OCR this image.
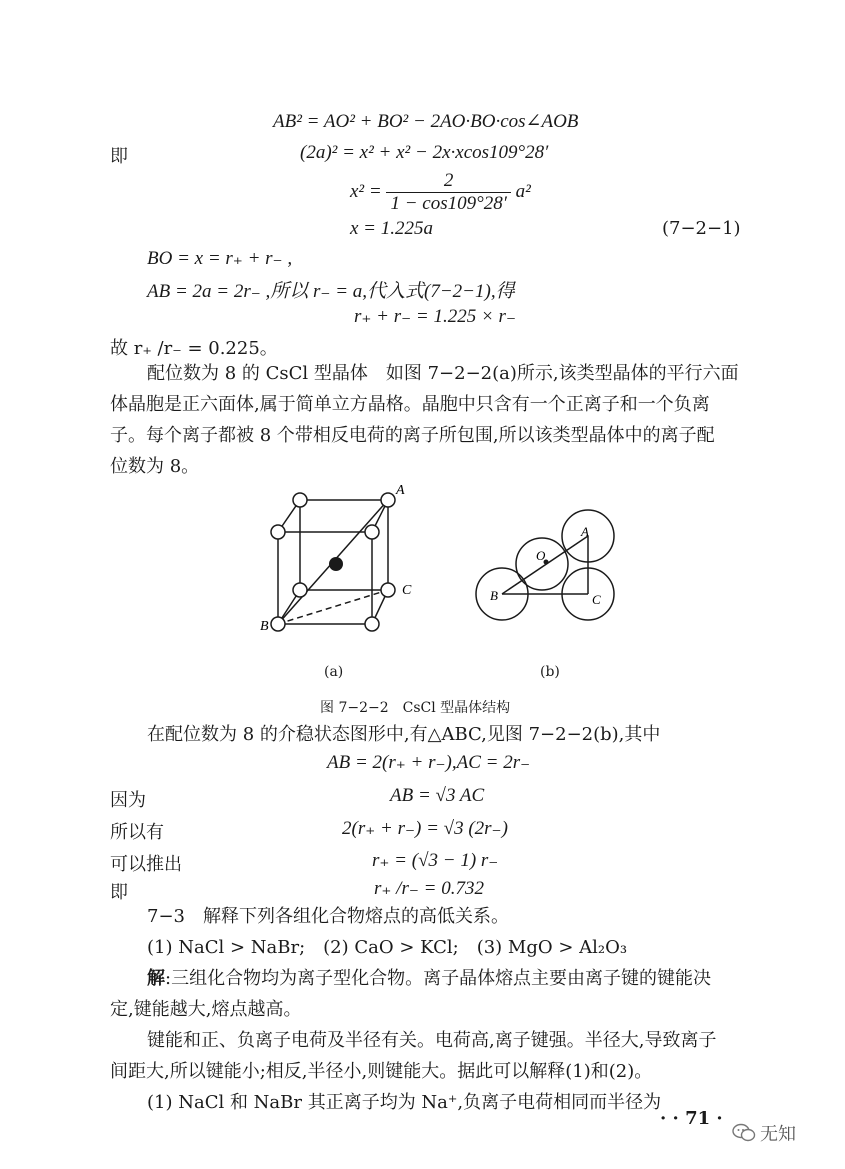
AB² = AO² + BO² − 2AO·BO·cos∠AOB
即	(2a)² = x² + x² − 2x·xcos109°28′
$x^2 = \frac{2}{1 - \cos 109^\circ 28'} a^2$
x = 1.225a	(7−2−1)
BO = x = r₊ + r₋ ,
AB = 2a = 2r₋ ,所以 r₋ = a,代入式(7−2−1),得
r₊ + r₋ = 1.225 × r₋
故 r₊ /r₋ = 0.225。
配位数为 8 的 CsCl 型晶体　如图 7−2−2(a)所示,该类型晶体的平行六面
体晶胞是正六面体,属于简单立方晶格。晶胞中只含有一个正离子和一个负离
子。每个离子都被 8 个带相反电荷的离子所包围,所以该类型晶体中的离子配
位数为 8。
A
B
C
A
O
B	C
(a)	(b)
图 7−2−2　CsCl 型晶体结构
在配位数为 8 的介稳状态图形中,有△ABC,见图 7−2−2(b),其中
AB = 2(r₊ + r₋),AC = 2r₋
因为	AB = √3 AC
所以有	2(r₊ + r₋) = √3 (2r₋)
可以推出	r₊ = (√3 − 1) r₋
即	r₊ /r₋ = 0.732
7−3　解释下列各组化合物熔点的高低关系。
(1) NaCl > NaBr;　(2) CaO > KCl;　(3) MgO > Al₂O₃
解:三组化合物均为离子型化合物。离子晶体熔点主要由离子键的键能决
定,键能越大,熔点越高。
键能和正、负离子电荷及半径有关。电荷高,离子键强。半径大,导致离子
间距大,所以键能小;相反,半径小,则键能大。据此可以解释(1)和(2)。
(1) NaCl 和 NaBr 其正离子均为 Na⁺,负离子电荷相同而半径为
· · 71 ·
无知
